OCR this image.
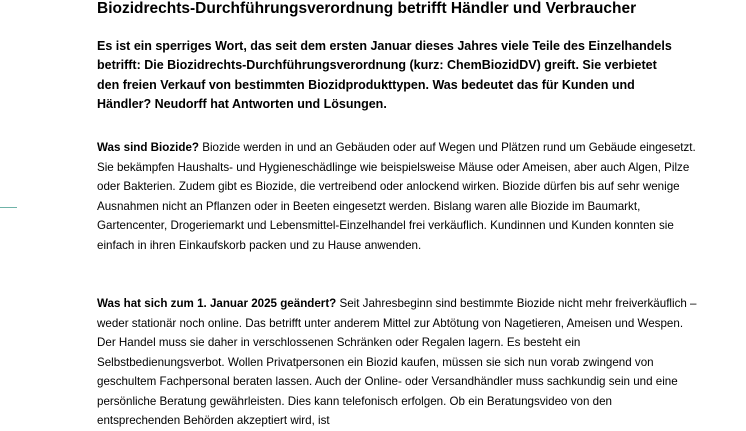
Biozidrechts-Durchführungsverordnung betrifft Händler und Verbraucher

Es ist ein sperriges Wort, das seit dem ersten Januar dieses Jahres viele Teile des Einzelhandels betrifft: Die Biozidrechts-Durchführungsverordnung (kurz: ChemBiozidDV) greift. Sie verbietet den freien Verkauf von bestimmten Biozidprodukttypen. Was bedeutet das für Kunden und Händler? Neudorff hat Antworten und Lösungen.

Was sind Biozide? Biozide werden in und an Gebäuden oder auf Wegen und Plätzen rund um Gebäude eingesetzt. Sie bekämpfen Haushalts- und Hygieneschädlinge wie beispielsweise Mäuse oder Ameisen, aber auch Algen, Pilze oder Bakterien. Zudem gibt es Biozide, die vertreibend oder anlockend wirken. Biozide dürfen bis auf sehr wenige Ausnahmen nicht an Pflanzen oder in Beeten eingesetzt werden. Bislang waren alle Biozide im Baumarkt, Gartencenter, Drogeriemarkt und Lebensmittel-Einzelhandel frei verkäuflich. Kundinnen und Kunden konnten sie einfach in ihren Einkaufskorb packen und zu Hause anwenden.

Was hat sich zum 1. Januar 2025 geändert? Seit Jahresbeginn sind bestimmte Biozide nicht mehr freiverkäuflich – weder stationär noch online. Das betrifft unter anderem Mittel zur Abtötung von Nagetieren, Ameisen und Wespen. Der Handel muss sie daher in verschlossenen Schränken oder Regalen lagern. Es besteht ein Selbstbedienungsverbot. Wollen Privatpersonen ein Biozid kaufen, müssen sie sich nun vorab zwingend von geschultem Fachpersonal beraten lassen. Auch der Online- oder Versandhändler muss sachkundig sein und eine persönliche Beratung gewährleisten. Dies kann telefonisch erfolgen. Ob ein Beratungsvideo von den entsprechenden Behörden akzeptiert wird, ist
